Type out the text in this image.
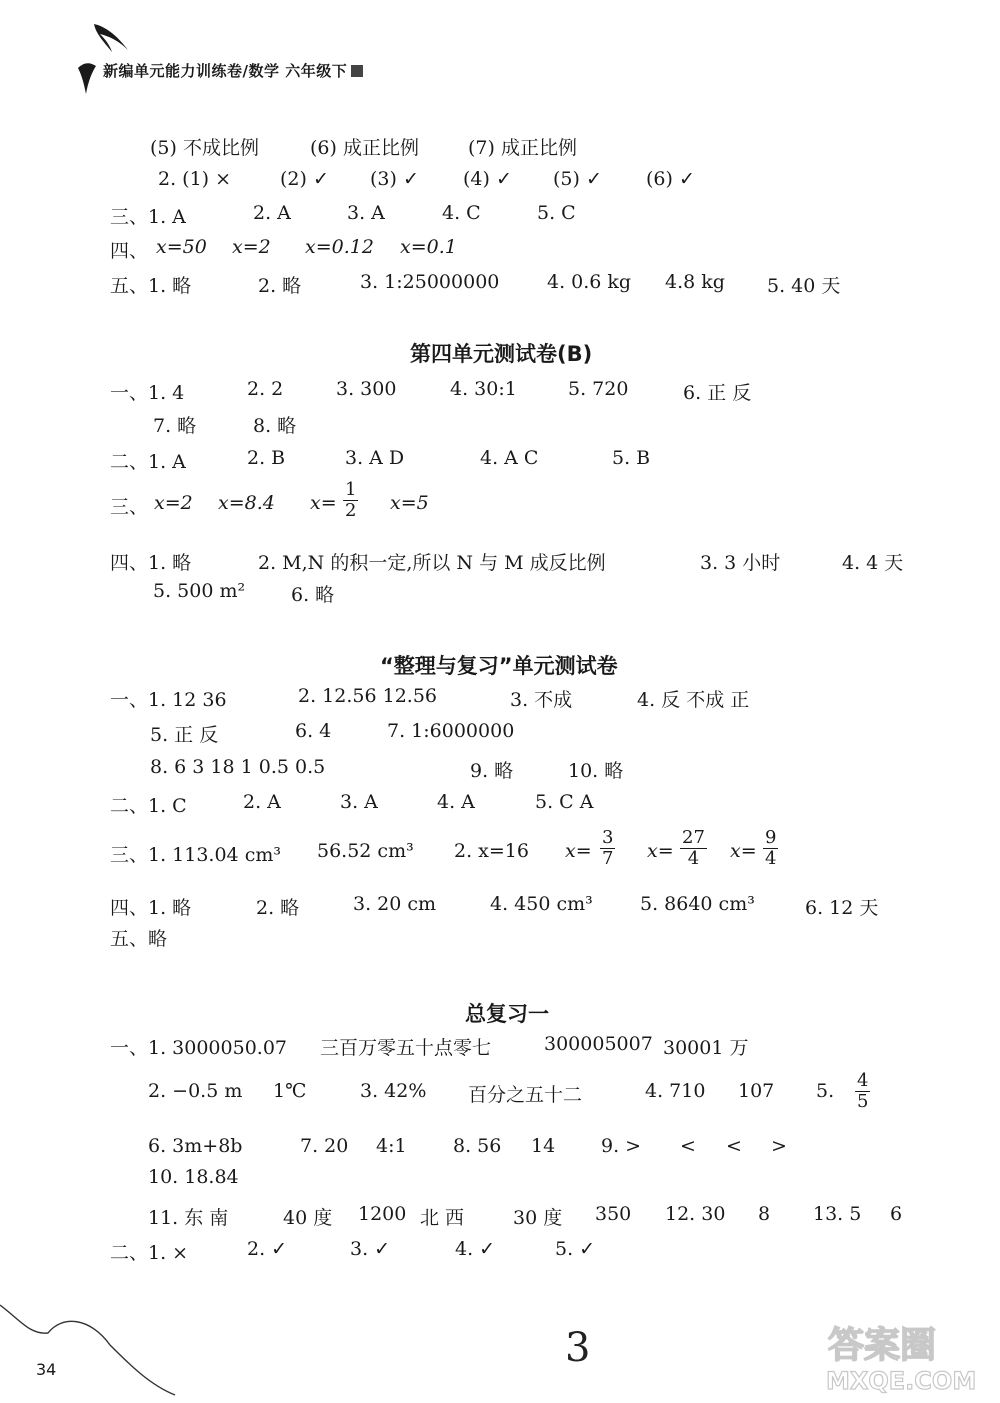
新编单元能力训练卷/数学 六年级下
(5) 不成比例	(6) 成正比例	(7) 成正比例
2. (1) ×	(2) ✓ (3) ✓ (4) ✓ (5) ✓ (6) ✓
三、1. A	2. A	3. A	4. C	5. C
四、 x=50 x=2 x=0.12 x=0.1
五、1. 略	2. 略	3. 1:25000000	4. 0.6 kg 4.8 kg 5. 40 天
第四单元测试卷(B)
一、1. 4	2. 2	3. 300	4. 30:1	5. 720	6. 正 反
7. 略	8. 略
二、1. A	2. B	3. A D	4. A C	5. B
三、 x=2 x=8.4 x=	x=5
$\frac{1}{2}$
四、1. 略	2. M,N 的积一定,所以 N 与 M 成反比例	3. 3 小时	4. 4 天
5. 500 m² 6. 略
“整理与复习”单元测试卷
一、1. 12 36	2. 12.56 12.56	3. 不成	4. 反 不成 正
5. 正 反	6. 4	7. 1:6000000
8. 6 3 18 1 0.5 0.5	9. 略	10. 略
二、1. C	2. A	3. A	4. A	5. C A
三、1. 113.04 cm³ 56.52 cm³ 2. x=16 x=	x=	x=
$\frac{3}{7}$	$\frac{27}{4}$	$\frac{9}{4}$
四、1. 略	2. 略	3. 20 cm	4. 450 cm³ 5. 8640 cm³	6. 12 天
五、略
总复习一
一、1. 3000050.07 三百万零五十点零七	300005007 30001 万
2. −0.5 m 1℃	3. 42% 百分之五十二	4. 710 107 5. $\frac{4}{5}$
6. 3m+8b	7. 20 4:1 8. 56 14 9. > < < >
10. 18.84
11. 东 南	40 度 1200 北 西	30 度 350 12. 30 8 13. 5 6
二、1. ×	2. ✓	3. ✓	4. ✓	5. ✓
34	3	答案圈
MXQE.COM
